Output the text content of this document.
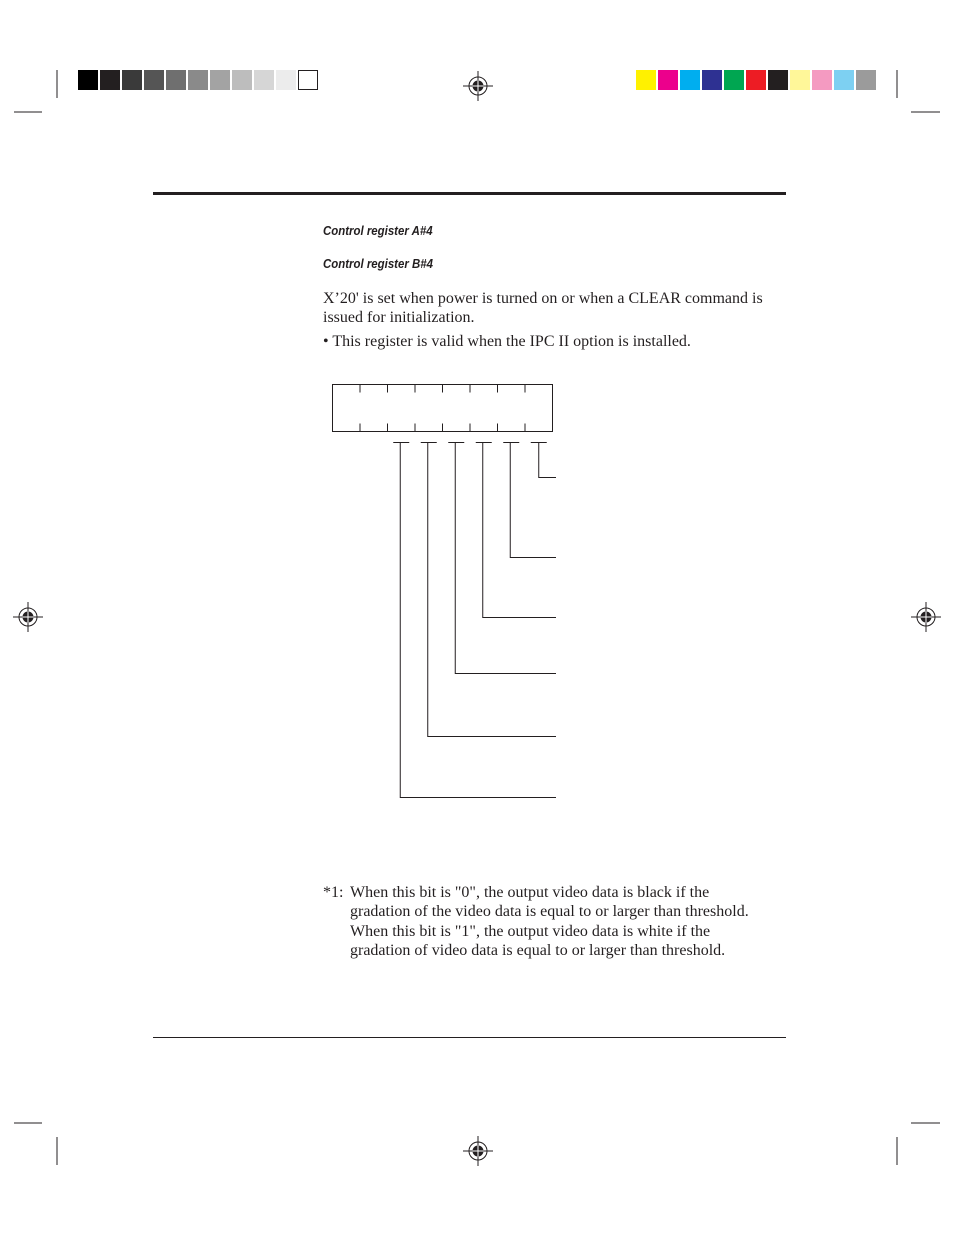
Control register A#4
Control register B#4
X’20' is set when power is turned on or when a CLEAR command is issued for initialization.
• This register is valid when the IPC II option is installed.
*1: When this bit is "0", the output video data is black if the
gradation of the video data is equal to or larger than threshold.
When this bit is "1", the output video data is white if the
gradation of video data is equal to or larger than threshold.
